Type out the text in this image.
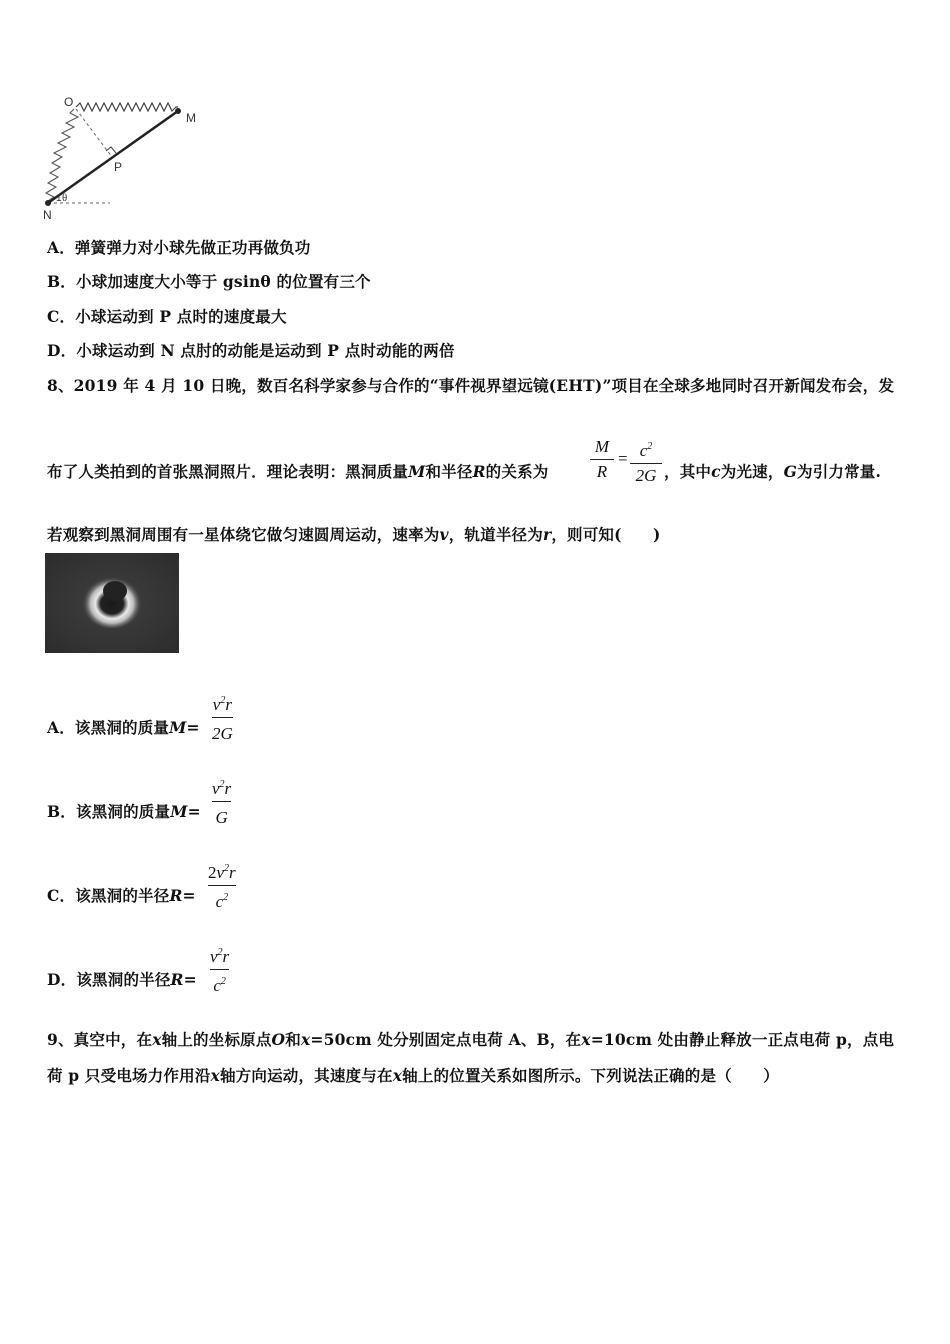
O
M
P
N
1 θ
A．弹簧弹力对小球先做正功再做负功
B．小球加速度大小等于 gsinθ 的位置有三个
C．小球运动到 P 点时的速度最大
D．小球运动到 N 点肘的动能是运动到 P 点时动能的两倍
8、2019 年 4 月 10 日晚，数百名科学家参与合作的“事件视界望远镜(EHT)”项目在全球多地同时召开新闻发布会，发
布了人类拍到的首张黑洞照片．理论表明：黑洞质量M和半径R的关系为
M
R
= $c^2$
2G ，其中c为光速，G为引力常量.
若观察到黑洞周围有一星体绕它做匀速圆周运动，速率为v，轨道半径为r，则可知(　　)
A．该黑洞的质量M=
$v^2r$
2G
B．该黑洞的质量M=
$v^2r$
G
C．该黑洞的半径R=
$2v^2r$
$c^2$
D．该黑洞的半径R=
$v^2r$
$c^2$
9、真空中，在x轴上的坐标原点O和x=50cm 处分别固定点电荷 A、B，在x=10cm 处由静止释放一正点电荷 p，点电
荷 p 只受电场力作用沿x轴方向运动，其速度与在x轴上的位置关系如图所示。下列说法正确的是（　　）
